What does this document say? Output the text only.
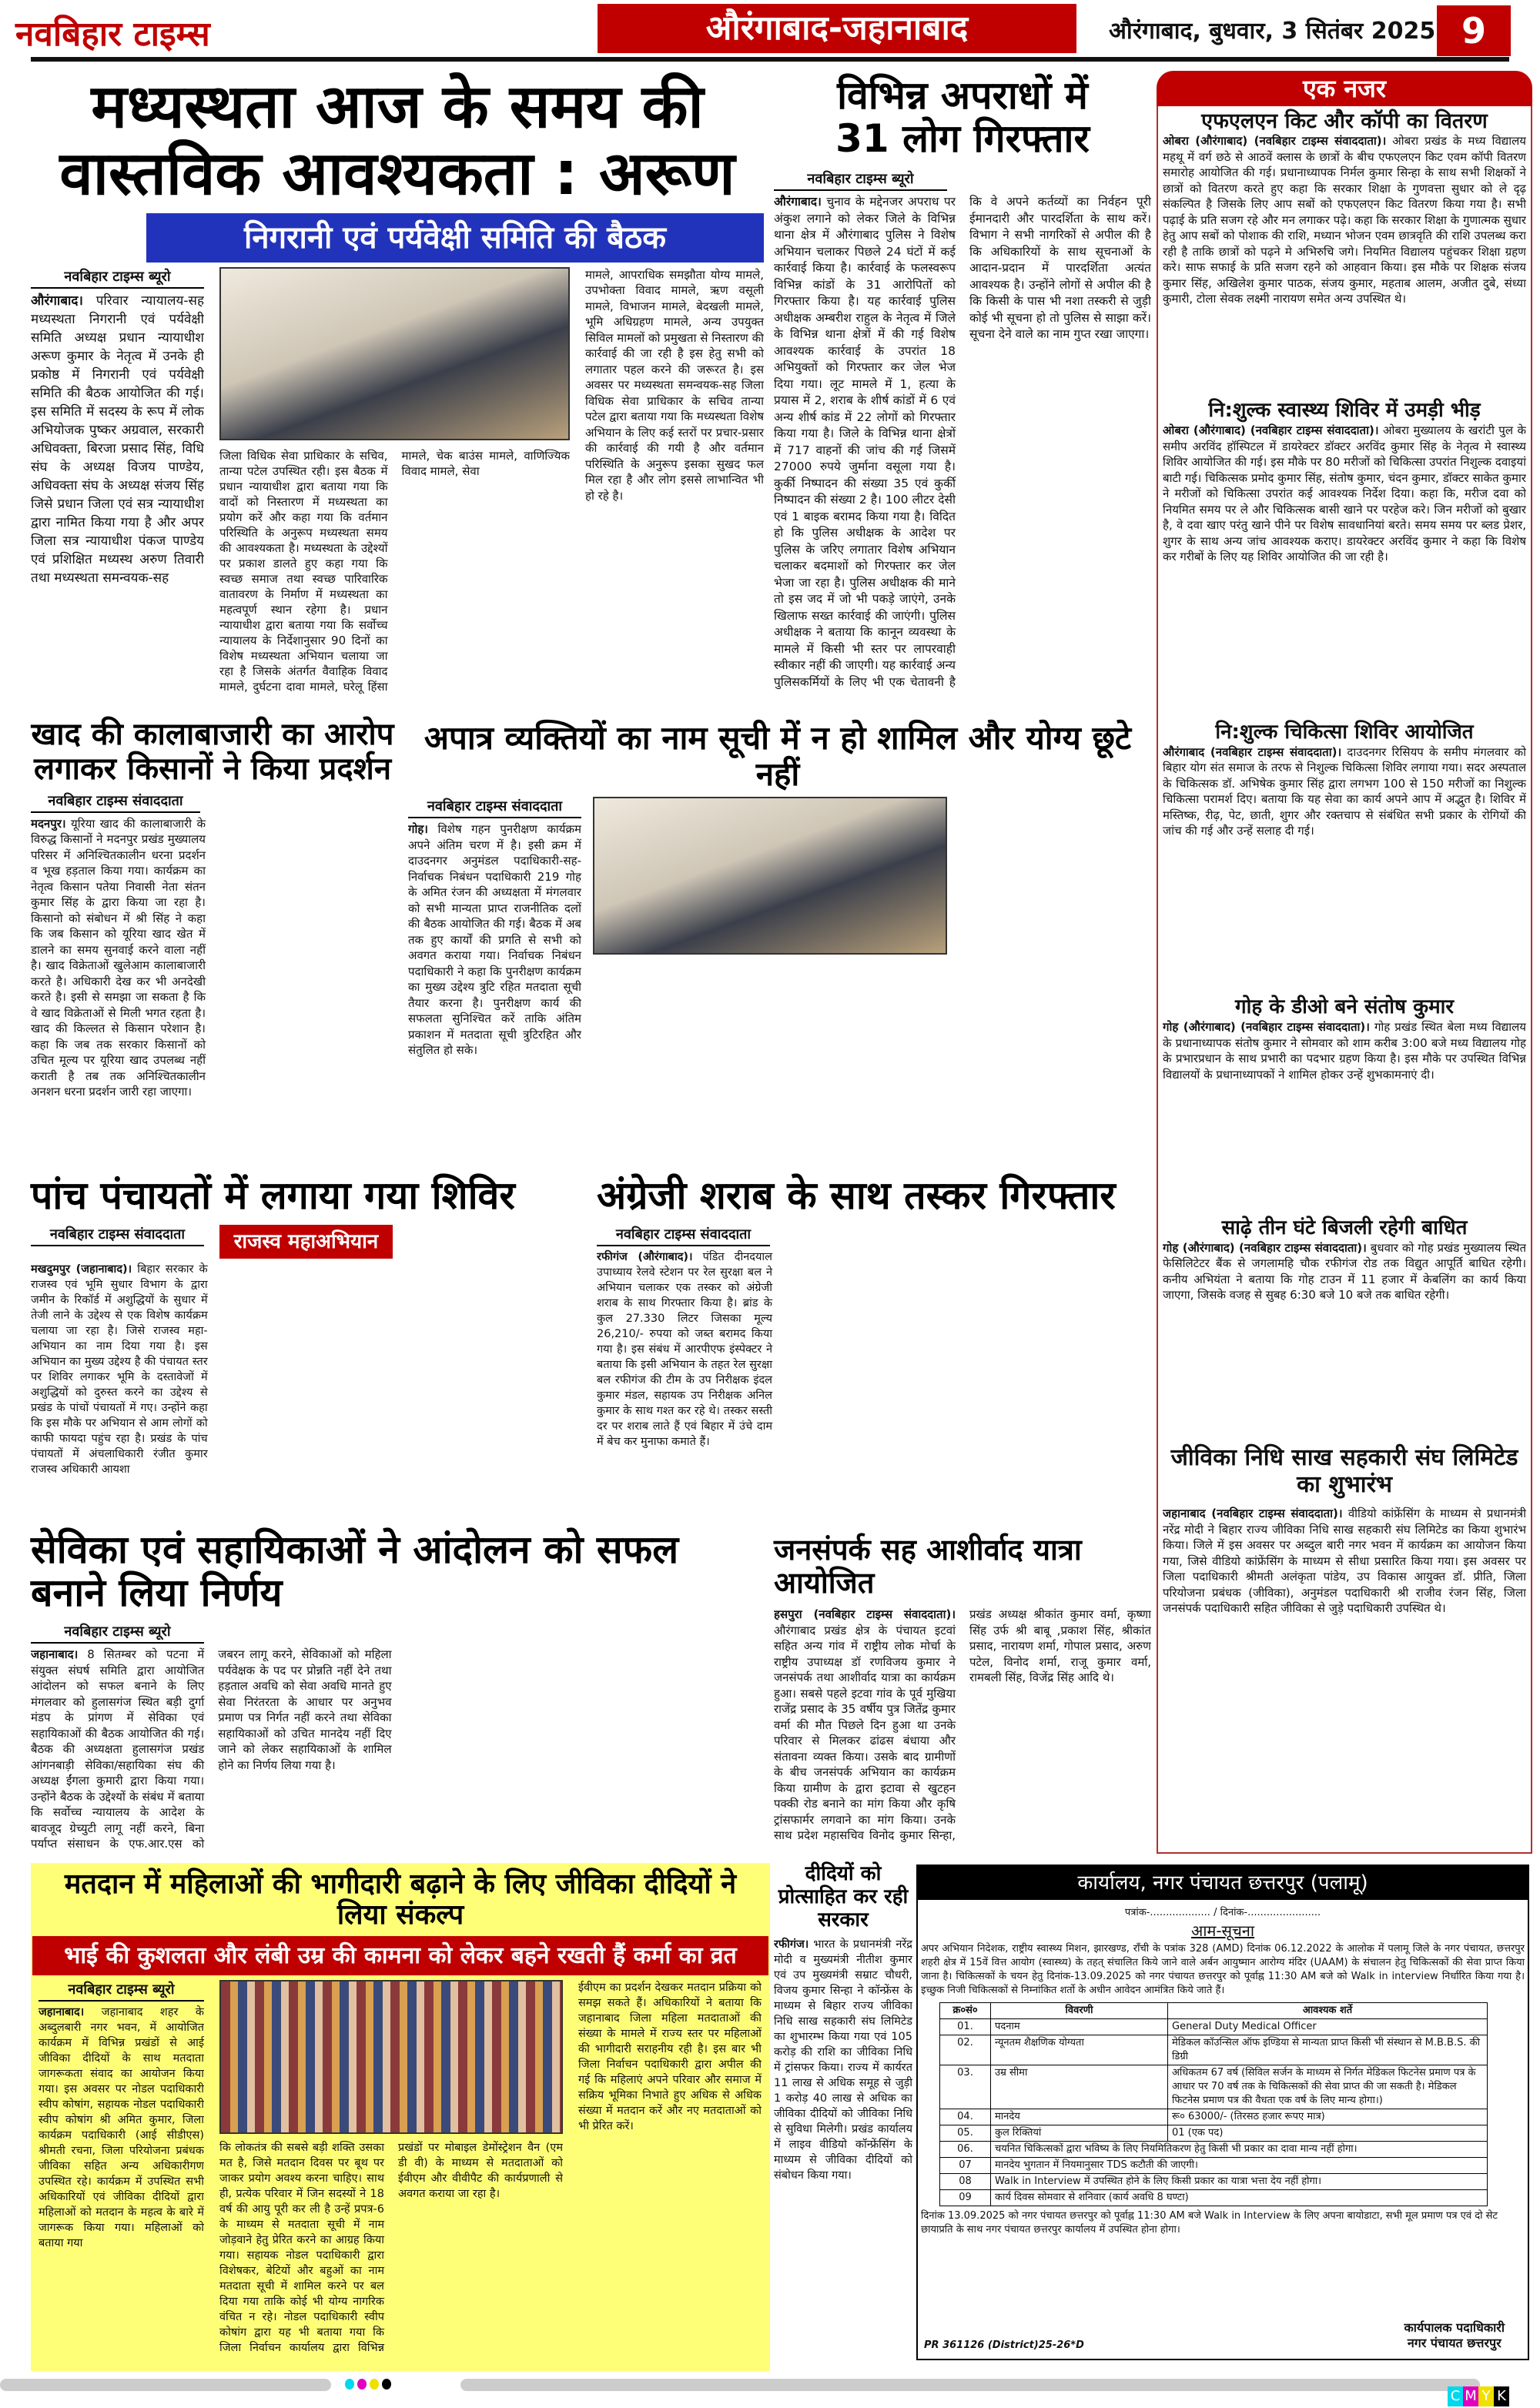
नवबिहार टाइम्स	औरंगाबाद-जहानाबाद	औरंगाबाद, बुधवार, 3 सितंबर 2025 9
मध्यस्थता आज के समय की
वास्तविक आवश्यकता : अरूण
निगरानी एवं पर्यवेक्षी समिति की बैठक
नवबिहार टाइम्स ब्यूरो
औरंगाबाद। परिवार न्यायालय-सह मध्यस्थता निगरानी एवं पर्यवेक्षी समिति अध्यक्ष प्रधान न्यायाधीश अरूण कुमार के नेतृत्व में उनके ही प्रकोष्ठ में निगरानी एवं पर्यवेक्षी समिति की बैठक आयोजित की गई। इस समिति में सदस्य के रूप में लोक अभियोजक पुष्कर अग्रवाल, सरकारी अधिवक्ता, बिरजा प्रसाद सिंह, विधि संघ के अध्यक्ष विजय पाण्डेय, अधिवक्ता संघ के अध्यक्ष संजय सिंह जिसे प्रधान जिला एवं सत्र न्यायाधीश द्वारा नामित किया गया है और अपर जिला सत्र न्यायाधीश पंकज पाण्डेय एवं प्रशिक्षित मध्यस्थ अरुण तिवारी तथा मध्यस्थता समन्वयक-सह
जिला विधिक सेवा प्राधिकार के सचिव, तान्या पटेल उपस्थित रही। इस बैठक में प्रधान न्यायाधीश द्वारा बताया गया कि वादों को निस्तारण में मध्यस्थता का प्रयोग करें और कहा गया कि वर्तमान परिस्थिति के अनुरूप मध्यस्थता समय की आवश्यकता है। मध्यस्थता के उद्देश्यों पर प्रकाश डालते हुए कहा गया कि स्वच्छ समाज तथा स्वच्छ पारिवारिक वातावरण के निर्माण में मध्यस्थता का महत्वपूर्ण स्थान रहेगा है। प्रधान न्यायाधीश द्वारा बताया गया कि सर्वोच्च न्यायालय के निर्देशानुसार 90 दिनों का विशेष मध्यस्थता अभियान चलाया जा रहा है जिसके अंतर्गत वैवाहिक विवाद मामले, दुर्घटना दावा मामले, घरेलू हिंसा मामले, चेक बाउंस मामले, वाणिज्यिक विवाद मामले, सेवा
मामले, आपराधिक समझौता योग्य मामले, उपभोक्ता विवाद मामले, ऋण वसूली मामले, विभाजन मामले, बेदखली मामले, भूमि अधिग्रहण मामले, अन्य उपयुक्त सिविल मामलों को प्रमुखता से निस्तारण की कार्रवाई की जा रही है इस हेतु सभी को लगातार पहल करने की जरूरत है। इस अवसर पर मध्यस्थता समन्वयक-सह जिला विधिक सेवा प्राधिकार के सचिव तान्या पटेल द्वारा बताया गया कि मध्यस्थता विशेष अभियान के लिए कई स्तरों पर प्रचार-प्रसार की कार्रवाई की गयी है और वर्तमान परिस्थिति के अनुरूप इसका सुखद फल मिल रहा है और लोग इससे लाभान्वित भी हो रहे है।
विभिन्न अपराधों में
31 लोग गिरफ्तार
नवबिहार टाइम्स ब्यूरो
औरंगाबाद। चुनाव के मद्देनजर अपराध पर अंकुश लगाने को लेकर जिले के विभिन्न थाना क्षेत्र में औरंगाबाद पुलिस ने विशेष अभियान चलाकर पिछले 24 घंटों में कई कार्रवाई किया है। कार्रवाई के फलस्वरूप विभिन्न कांडों के 31 आरोपितों को गिरफ्तार किया है। यह कार्रवाई पुलिस अधीक्षक अम्बरीश राहुल के नेतृत्व में जिले के विभिन्न थाना क्षेत्रों में की गई विशेष आवश्यक कार्रवाई के उपरांत 18 अभियुक्तों को गिरफ्तार कर जेल भेज दिया गया। लूट मामले में 1, हत्या के प्रयास में 2, शराब के शीर्ष कांडों में 6 एवं अन्य शीर्ष कांड में 22 लोगों को गिरफ्तार किया गया है। जिले के विभिन्न थाना क्षेत्रों में 717 वाहनों की जांच की गई जिसमें 27000 रुपये जुर्माना वसूला गया है। कुर्की निष्पादन की संख्या 35 एवं कुर्की निष्पादन की संख्या 2 है। 100 लीटर देसी एवं 1 बाइक बरामद किया गया है। विदित हो कि पुलिस अधीक्षक के आदेश पर पुलिस के जरिए लगातार विशेष अभियान चलाकर बदमाशों को गिरफ्तार कर जेल भेजा जा रहा है। पुलिस अधीक्षक की माने तो इस जद में जो भी पकड़े जाएंगे, उनके खिलाफ सख्त कार्रवाई की जाएंगी। पुलिस अधीक्षक ने बताया कि कानून व्यवस्था के मामले में किसी भी स्तर पर लापरवाही स्वीकार नहीं की जाएगी। यह कार्रवाई अन्य पुलिसकर्मियों के लिए भी एक चेतावनी है कि वे अपने कर्तव्यों का निर्वहन पूरी ईमानदारी और पारदर्शिता के साथ करें। विभाग ने सभी नागरिकों से अपील की है कि अधिकारियों के साथ सूचनाओं के आदान-प्रदान में पारदर्शिता अत्यंत आवश्यक है। उन्होंने लोगों से अपील की है कि किसी के पास भी नशा तस्करी से जुड़ी कोई भी सूचना हो तो पुलिस से साझा करें। सूचना देने वाले का नाम गुप्त रखा जाएगा।
एक नजर
एफएलएन किट और कॉपी का वितरण
ओबरा (औरंगाबाद) (नवबिहार टाइम्स संवाददाता)। ओबरा प्रखंड के मध्य विद्यालय महथू में वर्ग छठे से आठवें क्लास के छात्रों के बीच एफएलएन किट एवम कॉपी वितरण समारोह आयोजित की गई। प्रधानाध्यापक निर्मल कुमार सिन्हा के साथ सभी शिक्षकों ने छात्रों को वितरण करते हुए कहा कि सरकार शिक्षा के गुणवत्ता सुधार को ले दृढ़ संकल्पित है जिसके लिए आप सबों को एफएलएन किट वितरण किया गया है। सभी पढ़ाई के प्रति सजग रहे और मन लगाकर पढ़े। कहा कि सरकार शिक्षा के गुणात्मक सुधार हेतु आप सबों को पोशाक की राशि, मध्यान भोजन एवम छात्रवृति की राशि उपलब्ध करा रही है ताकि छात्रों को पढ़ने मे अभिरुचि जगे। नियमित विद्यालय पहुंचकर शिक्षा ग्रहण करे। साफ सफाई के प्रति सजग रहने को आहवान किया। इस मौके पर शिक्षक संजय कुमार सिंह, अखिलेश कुमार पाठक, संजय कुमार, महताब आलम, अजीत दुबे, संध्या कुमारी, टोला सेवक लक्ष्मी नारायण समेत अन्य उपस्थित थे।
नि:शुल्क स्वास्थ्य शिविर में उमड़ी भीड़
ओबरा (औरंगाबाद) (नवबिहार टाइम्स संवाददाता)। ओबरा मुख्यालय के खरांटी पुल के समीप अरविंद हॉस्पिटल में डायरेक्टर डॉक्टर अरविंद कुमार सिंह के नेतृत्व मे स्वास्थ्य शिविर आयोजित की गई। इस मौके पर 80 मरीजों को चिकित्सा उपरांत निशुल्क दवाइयां बाटी गई। चिकित्सक प्रमोद कुमार सिंह, संतोष कुमार, चंदन कुमार, डॉक्टर साकेत कुमार ने मरीजों को चिकित्सा उपरांत कई आवश्यक निर्देश दिया। कहा कि, मरीज दवा को नियमित समय पर ले और चिकित्सक बासी खाने पर परहेज करे। जिन मरीजों को बुखार है, वे दवा खाए परंतु खाने पीने पर विशेष सावधानियां बरते। समय समय पर ब्लड प्रेशर, शुगर के साथ अन्य जांच आवश्यक कराए। डायरेक्टर अरविंद कुमार ने कहा कि विशेष कर गरीबों के लिए यह शिविर आयोजित की जा रही है।
नि:शुल्क चिकित्सा शिविर आयोजित
औरंगाबाद (नवबिहार टाइम्स संवाददाता)। दाउदनगर रिसियप के समीप मंगलवार को बिहार योग संत समाज के तरफ से निशुल्क चिकित्सा शिविर लगाया गया। सदर अस्पताल के चिकित्सक डॉ. अभिषेक कुमार सिंह द्वारा लगभग 100 से 150 मरीजों का निशुल्क चिकित्सा परामर्श दिए। बताया कि यह सेवा का कार्य अपने आप में अद्भुत है। शिविर में मस्तिष्क, रीढ़, पेट, छाती, शुगर और रक्तचाप से संबंधित सभी प्रकार के रोगियों की जांच की गई और उन्हें सलाह दी गई।
गोह के डीओ बने संतोष कुमार
गोह (औरंगाबाद) (नवबिहार टाइम्स संवाददाता)। गोह प्रखंड स्थित बेला मध्य विद्यालय के प्रधानाध्यापक संतोष कुमार ने सोमवार को शाम करीब 3:00 बजे मध्य विद्यालय गोह के प्रभारप्रधान के साथ प्रभारी का पदभार ग्रहण किया है। इस मौके पर उपस्थित विभिन्न विद्यालयों के प्रधानाध्यापकों ने शामिल होकर उन्हें शुभकामनाएं दी।
साढ़े तीन घंटे बिजली रहेगी बाधित
गोह (औरंगाबाद) (नवबिहार टाइम्स संवाददाता)। बुधवार को गोह प्रखंड मुख्यालय स्थित फेसिलिटेटर बैंक से जगलामहि चौक रफीगंज रोड तक विद्युत आपूर्ति बाधित रहेगी। कनीय अभियंता ने बताया कि गोह टाउन में 11 हजार में केबलिंग का कार्य किया जाएगा, जिसके वजह से सुबह 6:30 बजे 10 बजे तक बाधित रहेगी।
जीविका निधि साख सहकारी संघ लिमिटेड का शुभारंभ
जहानाबाद (नवबिहार टाइम्स संवाददाता)। वीडियो कांफ्रेंसिंग के माध्यम से प्रधानमंत्री नरेंद्र मोदी ने बिहार राज्य जीविका निधि साख सहकारी संघ लिमिटेड का किया शुभारंभ किया। जिले में इस अवसर पर अब्दुल बारी नगर भवन में कार्यक्रम का आयोजन किया गया, जिसे वीडियो कांफ्रेंसिंग के माध्यम से सीधा प्रसारित किया गया। इस अवसर पर जिला पदाधिकारी श्रीमती अलंकृता पांडेय, उप विकास आयुक्त डॉ. प्रीति, जिला परियोजना प्रबंधक (जीविका), अनुमंडल पदाधिकारी श्री राजीव रंजन सिंह, जिला जनसंपर्क पदाधिकारी सहित जीविका से जुड़े पदाधिकारी उपस्थित थे।
खाद की कालाबाजारी का आरोप
लगाकर किसानों ने किया प्रदर्शन
नवबिहार टाइम्स संवाददाता
मदनपुर। यूरिया खाद की कालाबाजारी के विरुद्ध किसानों ने मदनपुर प्रखंड मुख्यालय परिसर में अनिश्चितकालीन धरना प्रदर्शन व भूख हड़ताल किया गया। कार्यक्रम का नेतृत्व किसान पतेया निवासी नेता संतन कुमार सिंह के द्वारा किया जा रहा है। किसानो को संबोधन में श्री सिंह ने कहा कि जब किसान को यूरिया खाद खेत में डालने का समय सुनवाई करने वाला नहीं है। खाद विक्रेताओं खुलेआम कालाबाजारी करते है। अधिकारी देख कर भी अनदेखी करते है। इसी से समझा जा सकता है कि वे खाद विक्रेताओं से मिली भगत रहता है। खाद की किल्लत से किसान परेशान है। कहा कि जब तक सरकार किसानों को उचित मूल्य पर यूरिया खाद उपलब्ध नहीं कराती है तब तक अनिश्चितकालीन अनशन धरना प्रदर्शन जारी रहा जाएगा।
अपात्र व्यक्तियों का नाम सूची में न हो शामिल और योग्य छूटे नहीं
नवबिहार टाइम्स संवाददाता
गोह। विशेष गहन पुनरीक्षण कार्यक्रम अपने अंतिम चरण में है। इसी क्रम में दाउदनगर अनुमंडल पदाधिकारी-सह-निर्वाचक निबंधन पदाधिकारी 219 गोह के अमित रंजन की अध्यक्षता में मंगलवार को सभी मान्यता प्राप्त राजनीतिक दलों की बैठक आयोजित की गई। बैठक में अब तक हुए कार्यों की प्रगति से सभी को अवगत कराया गया। निर्वाचक निबंधन पदाधिकारी ने कहा कि पुनरीक्षण कार्यक्रम का मुख्य उद्देश्य त्रुटि रहित मतदाता सूची तैयार करना है। पुनरीक्षण कार्य की सफलता सुनिश्चित करें ताकि अंतिम प्रकाशन में मतदाता सूची त्रुटिरहित और संतुलित हो सके।
पांच पंचायतों में लगाया गया शिविर
नवबिहार टाइम्स संवाददाता	राजस्व महाअभियान
मखदुमपुर (जहानाबाद)। बिहार सरकार के राजस्व एवं भूमि सुधार विभाग के द्वारा जमीन के रिकॉर्ड में अशुद्धियों के सुधार में तेजी लाने के उद्देश्य से एक विशेष कार्यक्रम चलाया जा रहा है। जिसे राजस्व महा-अभियान का नाम दिया गया है। इस अभियान का मुख्य उद्देश्य है की पंचायत स्तर पर शिविर लगाकर भूमि के दस्तावेजों में अशुद्धियों को दुरुस्त करने का उद्देश्य से प्रखंड के पांचों पंचायतों में गए। उन्होंने कहा कि इस मौके पर अभियान से आम लोगों को काफी फायदा पहुंच रहा है। प्रखंड के पांच पंचायतों में अंचलाधिकारी रंजीत कुमार राजस्व अधिकारी आयशा
अंग्रेजी शराब के साथ तस्कर गिरफ्तार
नवबिहार टाइम्स संवाददाता
रफीगंज (औरंगाबाद)। पंडित दीनदयाल उपाध्याय रेलवे स्टेशन पर रेल सुरक्षा बल ने अभियान चलाकर एक तस्कर को अंग्रेजी शराब के साथ गिरफ्तार किया है। ब्रांड के कुल 27.330 लिटर जिसका मूल्य 26,210/- रुपया को जब्त बरामद किया गया है। इस संबंध में आरपीएफ इंस्पेक्टर ने बताया कि इसी अभियान के तहत रेल सुरक्षा बल रफीगंज की टीम के उप निरीक्षक इंदल कुमार मंडल, सहायक उप निरीक्षक अनिल कुमार के साथ गश्त कर रहे थे। तस्कर सस्ती दर पर शराब लाते हैं एवं बिहार में उंचे दाम में बेच कर मुनाफा कमाते हैं।
सेविका एवं सहायिकाओं ने आंदोलन को सफल बनाने लिया निर्णय
नवबिहार टाइम्स ब्यूरो
जहानाबाद। 8 सितम्बर को पटना में संयुक्त संघर्ष समिति द्वारा आयोजित आंदोलन को सफल बनाने के लिए मंगलवार को हुलासगंज स्थित बड़ी दुर्गा मंडप के प्रांगण में सेविका एवं सहायिकाओं की बैठक आयोजित की गई। बैठक की अध्यक्षता हुलासगंज प्रखंड आंगनबाड़ी सेविका/सहायिका संघ की अध्यक्ष ईंगला कुमारी द्वारा किया गया। उन्होंने बैठक के उद्देश्यों के संबंध में बताया कि सर्वोच्च न्यायालय के आदेश के बावजूद ग्रेच्युटी लागू नहीं करने, बिना पर्याप्त संसाधन के एफ.आर.एस को जबरन लागू करने, सेविकाओं को महिला पर्यवेक्षक के पद पर प्रोन्नति नहीं देने तथा हड़ताल अवधि को सेवा अवधि मानते हुए सेवा निरंतरता के आधार पर अनुभव प्रमाण पत्र निर्गत नहीं करने तथा सेविका सहायिकाओं को उचित मानदेय नहीं दिए जाने को लेकर सहायिकाओं के शामिल होने का निर्णय लिया गया है।
जनसंपर्क सह आशीर्वाद यात्रा आयोजित
हसपुरा (नवबिहार टाइम्स संवाददाता)। औरंगाबाद प्रखंड क्षेत्र के पंचायत इटवां सहित अन्य गांव में राष्ट्रीय लोक मोर्चा के राष्ट्रीय उपाध्यक्ष डॉ रणविजय कुमार ने जनसंपर्क तथा आशीर्वाद यात्रा का कार्यक्रम हुआ। सबसे पहले इटवा गांव के पूर्व मुखिया राजेंद्र प्रसाद के 35 वर्षीय पुत्र जितेंद्र कुमार वर्मा की मौत पिछले दिन हुआ था उनके परिवार से मिलकर ढांढस बंधाया और संतावना व्यक्त किया। उसके बाद ग्रामीणों के बीच जनसंपर्क अभियान का कार्यक्रम किया ग्रामीण के द्वारा इटावा से खुटहन पक्की रोड बनाने का मांग किया और कृषि ट्रांसफार्मर लगवाने का मांग किया। उनके साथ प्रदेश महासचिव विनोद कुमार सिन्हा, प्रखंड अध्यक्ष श्रीकांत कुमार वर्मा, कृष्णा सिंह उर्फ श्री बाबू ,प्रकाश सिंह, श्रीकांत प्रसाद, नारायण शर्मा, गोपाल प्रसाद, अरुण पटेल, विनोद शर्मा, राजू कुमार वर्मा, रामबली सिंह, विजेंद्र सिंह आदि थे।
मतदान में महिलाओं की भागीदारी बढ़ाने के लिए जीविका दीदियों ने लिया संकल्प
भाई की कुशलता और लंबी उम्र की कामना को लेकर बहने रखती हैं कर्मा का व्रत
नवबिहार टाइम्स ब्यूरो
जहानाबाद। जहानाबाद शहर के अब्दुलबारी नगर भवन, में आयोजित कार्यक्रम में विभिन्न प्रखंडों से आई जीविका दीदियों के साथ मतदाता जागरूकता संवाद का आयोजन किया गया। इस अवसर पर नोडल पदाधिकारी स्वीप कोषांग, सहायक नोडल पदाधिकारी स्वीप कोषांग श्री अमित कुमार, जिला कार्यक्रम पदाधिकारी (आई सीडीएस) श्रीमती रचना, जिला परियोजना प्रबंधक जीविका सहित अन्य अधिकारीगण उपस्थित रहे। कार्यक्रम में उपस्थित सभी अधिकारियों एवं जीविका दीदियों द्वारा महिलाओं को मतदान के महत्व के बारे में जागरूक किया गया। महिलाओं को बताया गया
कि लोकतंत्र की सबसे बड़ी शक्ति उसका मत है, जिसे मतदान दिवस पर बूथ पर जाकर प्रयोग अवश्य करना चाहिए। साथ ही, प्रत्येक परिवार में जिन सदस्यों ने 18 वर्ष की आयु पूरी कर ली है उन्हें प्रपत्र-6 के माध्यम से मतदाता सूची में नाम जोड़वाने हेतु प्रेरित करने का आग्रह किया गया। सहायक नोडल पदाधिकारी द्वारा विशेषकर, बेटियों और बहुओं का नाम मतदाता सूची में शामिल करने पर बल दिया गया ताकि कोई भी योग्य नागरिक वंचित न रहे। नोडल पदाधिकारी स्वीप कोषांग द्वारा यह भी बताया गया कि जिला निर्वाचन कार्यालय द्वारा विभिन्न प्रखंडों पर मोबाइल डेमोंस्ट्रेशन वैन (एम डी वी) के माध्यम से मतदाताओं को ईवीएम और वीवीपैट की कार्यप्रणाली से अवगत कराया जा रहा है।
ईवीएम का प्रदर्शन देखकर मतदान प्रक्रिया को समझ सकते हैं। अधिकारियों ने बताया कि जहानाबाद जिला महिला मतदाताओं की संख्या के मामले में राज्य स्तर पर महिलाओं की भागीदारी सराहनीय रही है। इस बार भी जिला निर्वाचन पदाधिकारी द्वारा अपील की गई कि महिलाएं अपने परिवार और समाज में सक्रिय भूमिका निभाते हुए अधिक से अधिक संख्या में मतदान करें और नए मतदाताओं को भी प्रेरित करें।
दीदियों को प्रोत्साहित कर रही सरकार
रफीगंज। भारत के प्रधानमंत्री नरेंद्र मोदी व मुख्यमंत्री नीतीश कुमार एवं उप मुख्यमंत्री सम्राट चौधरी, विजय कुमार सिन्हा ने कॉन्फ्रेंस के माध्यम से बिहार राज्य जीविका निधि साख सहकारी संघ लिमिटेड का शुभारम्भ किया गया एवं 105 करोड़ की राशि का जीविका निधि में ट्रांसफर किया। राज्य में कार्यरत 11 लाख से अधिक समूह से जुड़ी 1 करोड़ 40 लाख से अधिक का जीविका दीदियों को जीविका निधि से सुविधा मिलेगी। प्रखंड कार्यालय में लाइव वीडियो कॉन्फ्रेंसिंग के माध्यम से जीविका दीदियों को संबोधन किया गया।
कार्यालय, नगर पंचायत छत्तरपुर (पलामू)
पत्रांक-................... / दिनांक-.......................
आम-सूचना
अपर अभियान निदेशक, राष्ट्रीय स्वास्थ्य मिशन, झारखण्ड, राँची के पत्रांक 328 (AMD) दिनांक 06.12.2022 के आलोक में पलामू जिले के नगर पंचायत, छत्तरपुर शहरी क्षेत्र में 15वें वित्त आयोग (स्वास्थ्य) के तहत् संचालित किये जाने वाले अर्बन आयुष्मान आरोग्य मंदिर (UAAM) के संचालन हेतु चिकित्सकों की सेवा प्राप्त किया जाना है। चिकित्सकों के चयन हेतु दिनांक-13.09.2025 को नगर पंचायत छत्तरपुर को पूर्वाह्न 11:30 AM बजे को Walk in interview निर्धारित किया गया है। इच्छुक निजी चिकित्सकों से निम्नांकित शर्तो के अधीन आवेदन आमंत्रित किये जाते हैं।
क्र०सं०	विवरणी	आवश्यक शर्ते
01.	पदनाम	General Duty Medical Officer
02.	न्यूनतम शैक्षणिक योग्यता	मेडिकल कॉउन्सिल ऑफ इण्डिया से मान्यता प्राप्त किसी भी संस्थान से M.B.B.S. की डिग्री
03.	उम्र सीमा	अधिकतम 67 वर्ष (सिविल सर्जन के माध्यम से निर्गत मेडिकल फिटनेस प्रमाण पत्र के आधार पर 70 वर्ष तक के चिकित्सकों की सेवा प्राप्त की जा सकती है। मेडिकल फिटनेस प्रमाण पत्र की वैधता एक वर्ष के लिए मान्य होगा।)
04.	मानदेय	रू० 63000/- (तिरसठ हजार रूपए मात्र)
05.	कुल रिक्तियां	01 (एक पद)
06.	चयनित चिकित्सकों द्वारा भविष्य के लिए नियमितिकरण हेतु किसी भी प्रकार का दावा मान्य नहीं होगा।	
07	मानदेय भुगतान में नियमानुसार TDS कटौती की जाएगी।	
08	Walk in Interview में उपस्थित होने के लिए किसी प्रकार का यात्रा भत्ता देय नहीं होगा।	
09	कार्य दिवस सोमवार से शनिवार (कार्य अवधि 8 घण्टा)	
दिनांक 13.09.2025 को नगर पंचायत छत्तरपुर को पूर्वाह्न 11:30 AM बजे Walk in Interview के लिए अपना बायोडाटा, सभी मूल प्रमाण पत्र एवं दो सेट छायाप्रति के साथ नगर पंचायत छत्तरपुर कार्यालय में उपस्थित होना होगा।
PR 361126 (District)25-26*D
कार्यपालक पदाधिकारी
नगर पंचायत छत्तरपुर
C M Y K
